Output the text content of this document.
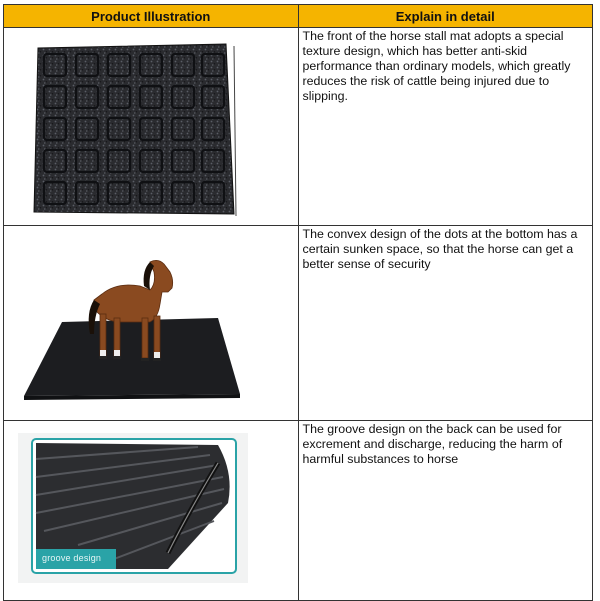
Product Illustration	Explain in detail

	The front of the horse stall mat adopts a special texture design, which has better anti-skid performance than ordinary models, which greatly reduces the risk of cattle being injured due to slipping.

	The convex design of the dots at the bottom has a certain sunken space, so that the horse can get a better sense of security

groove design	The groove design on the back can be used for excrement and discharge, reducing the harm of harmful substances to horse
